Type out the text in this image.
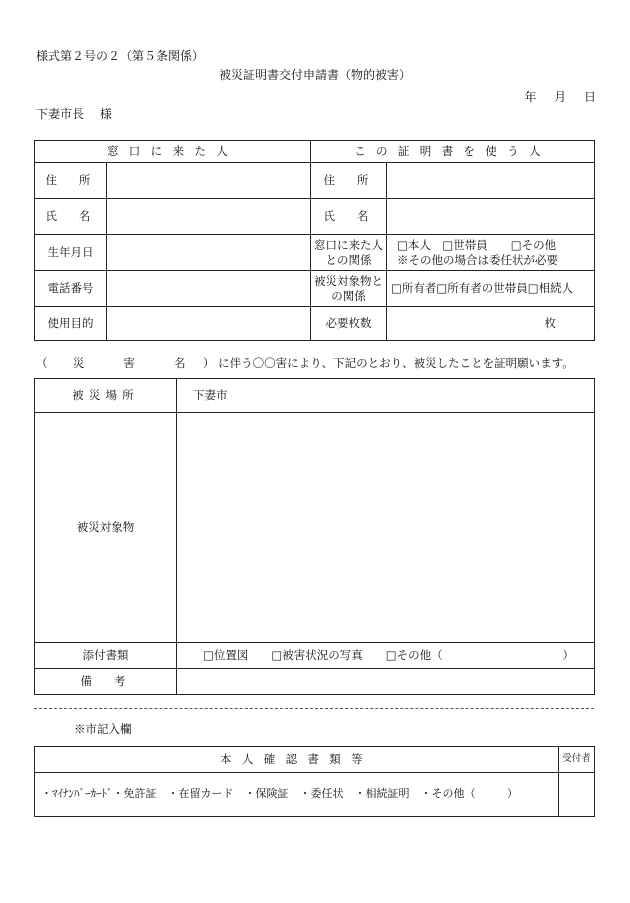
様式第２号の２（第５条関係）
被災証明書交付申請書（物的被害）
年 月 日
下妻市長 様
窓口に来た人		この証明書を使う人	
住　所		住　所	
氏　名		氏　名	
生年月日		窓口に来た人との関係	□本人　□世帯員　　□その他
※その他の場合は委任状が必要

電話番号		被災対象物との関係	□所有者□所有者の世帯員□相続人
使用目的		必要枚数	枚
（ 災　害　名 ） に伴う〇〇害により、下記のとおり、被災したことを証明願います。
被災場所	下妻市
被災対象物	
添付書類	□位置図　　□被害状況の写真　　□その他（ ）

備　考	
※市記入欄
本人確認書類等	受付者

・ﾏｲﾅﾝﾊﾞｰｶｰﾄﾞ・免許証　・在留カード　・保険証　・委任状　・相続証明　・その他（ ）	
